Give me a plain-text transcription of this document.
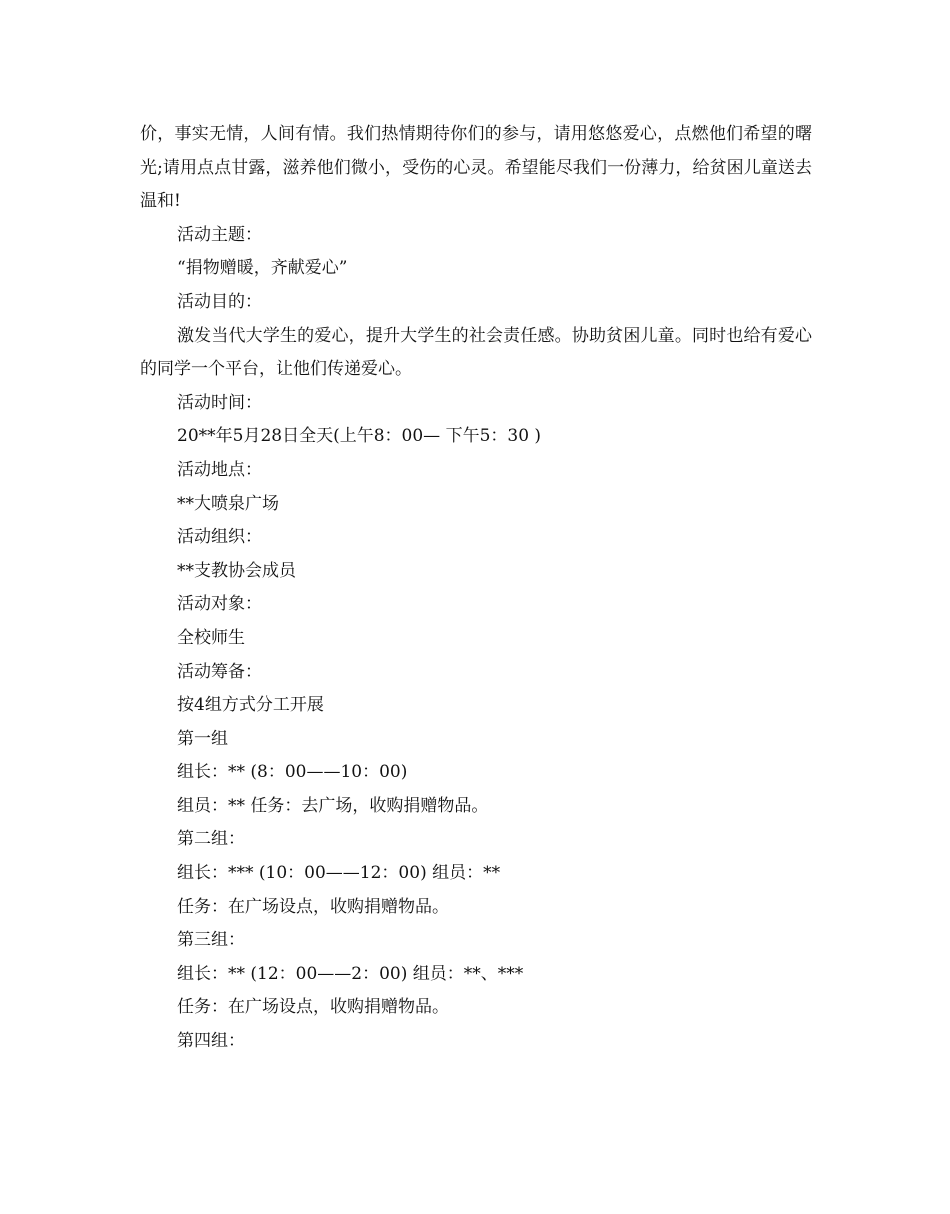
价，事实无情，人间有情。我们热情期待你们的参与，请用悠悠爱心，点燃他们希望的曙光;请用点点甘露，滋养他们微小，受伤的心灵。希望能尽我们一份薄力，给贫困儿童送去温和!

活动主题：

“捐物赠暖，齐献爱心”

活动目的：

激发当代大学生的爱心，提升大学生的社会责任感。协助贫困儿童。同时也给有爱心的同学一个平台，让他们传递爱心。

活动时间：

20**年5月28日全天(上午8：00— 下午5：30 )

活动地点：

**大喷泉广场

活动组织：

**支教协会成员

活动对象：

全校师生

活动筹备：

按4组方式分工开展

第一组

组长：** (8：00——10：00)

组员：** 任务：去广场，收购捐赠物品。

第二组：

组长：*** (10：00——12：00) 组员：**

任务：在广场设点，收购捐赠物品。

第三组：

组长：** (12：00——2：00) 组员：**、***

任务：在广场设点，收购捐赠物品。

第四组：
